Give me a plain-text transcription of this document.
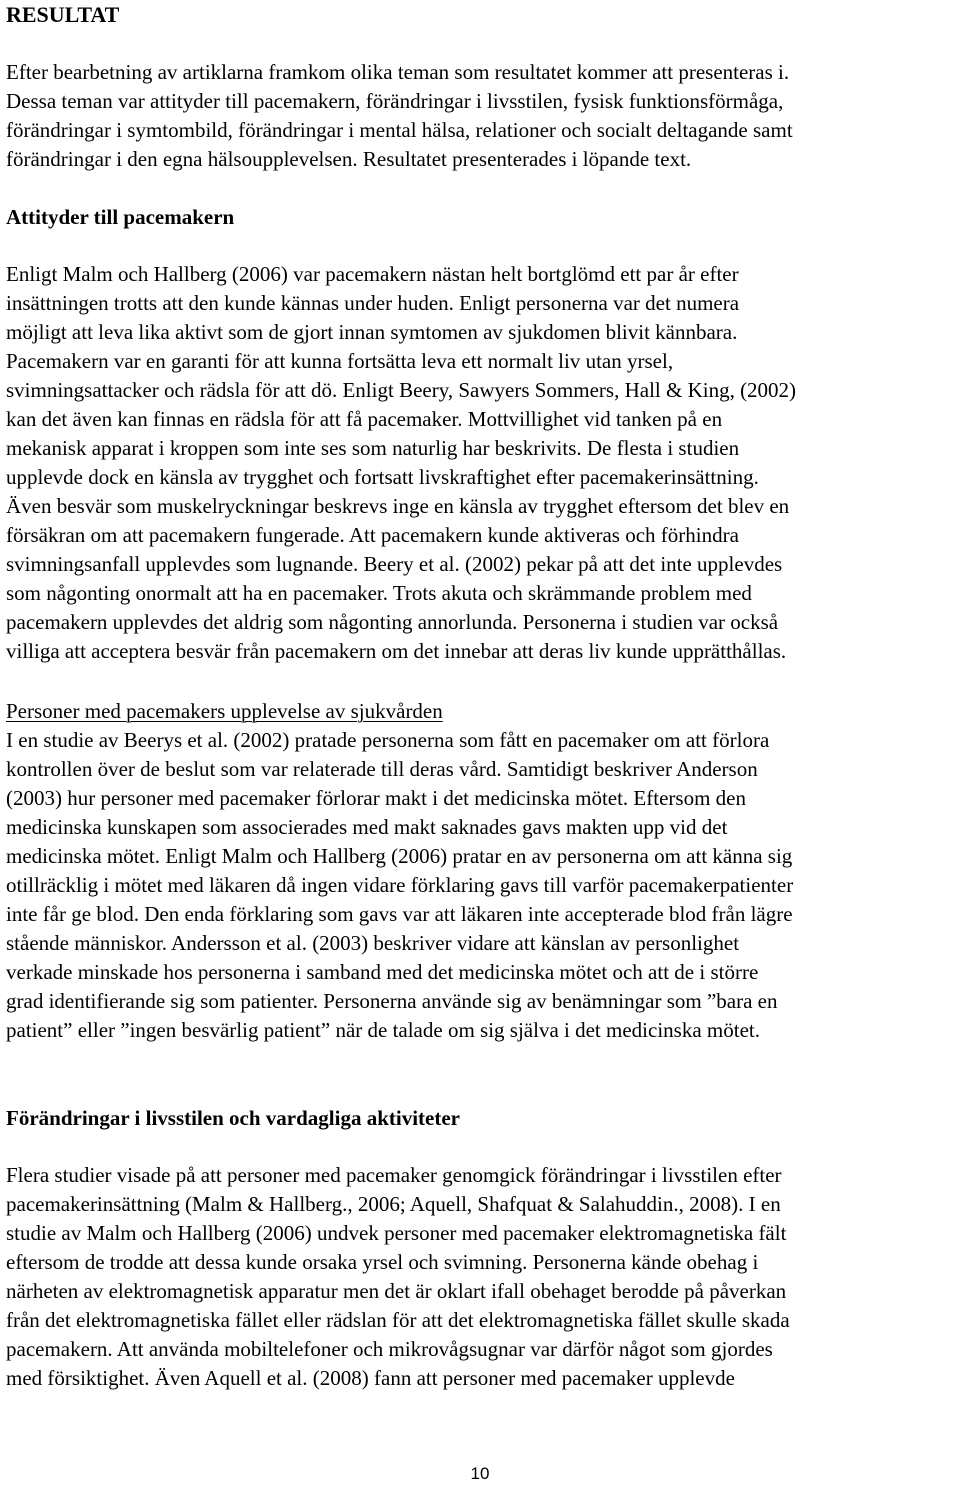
RESULTAT
Efter bearbetning av artiklarna framkom olika teman som resultatet kommer att presenteras i.
Dessa teman var attityder till pacemakern, förändringar i livsstilen, fysisk funktionsförmåga,
förändringar i symtombild, förändringar i mental hälsa, relationer och socialt deltagande samt
förändringar i den egna hälsoupplevelsen. Resultatet presenterades i löpande text.
Attityder till pacemakern
Enligt Malm och Hallberg (2006) var pacemakern nästan helt bortglömd ett par år efter
insättningen trotts att den kunde kännas under huden. Enligt personerna var det numera
möjligt att leva lika aktivt som de gjort innan symtomen av sjukdomen blivit kännbara.
Pacemakern var en garanti för att kunna fortsätta leva ett normalt liv utan yrsel,
svimningsattacker och rädsla för att dö. Enligt Beery, Sawyers Sommers, Hall & King, (2002)
kan det även kan finnas en rädsla för att få pacemaker. Mottvillighet vid tanken på en
mekanisk apparat i kroppen som inte ses som naturlig har beskrivits. De flesta i studien
upplevde dock en känsla av trygghet och fortsatt livskraftighet efter pacemakerinsättning.
Även besvär som muskelryckningar beskrevs inge en känsla av trygghet eftersom det blev en
försäkran om att pacemakern fungerade. Att pacemakern kunde aktiveras och förhindra
svimningsanfall upplevdes som lugnande. Beery et al. (2002) pekar på att det inte upplevdes
som någonting onormalt att ha en pacemaker. Trots akuta och skrämmande problem med
pacemakern upplevdes det aldrig som någonting annorlunda. Personerna i studien var också
villiga att acceptera besvär från pacemakern om det innebar att deras liv kunde upprätthållas.
Personer med pacemakers upplevelse av sjukvården
I en studie av Beerys et al. (2002) pratade personerna som fått en pacemaker om att förlora
kontrollen över de beslut som var relaterade till deras vård. Samtidigt beskriver Anderson
(2003) hur personer med pacemaker förlorar makt i det medicinska mötet. Eftersom den
medicinska kunskapen som associerades med makt saknades gavs makten upp vid det
medicinska mötet. Enligt Malm och Hallberg (2006) pratar en av personerna om att känna sig
otillräcklig i mötet med läkaren då ingen vidare förklaring gavs till varför pacemakerpatienter
inte får ge blod. Den enda förklaring som gavs var att läkaren inte accepterade blod från lägre
stående människor. Andersson et al. (2003) beskriver vidare att känslan av personlighet
verkade minskade hos personerna i samband med det medicinska mötet och att de i större
grad identifierande sig som patienter. Personerna använde sig av benämningar som ”bara en
patient” eller ”ingen besvärlig patient” när de talade om sig själva i det medicinska mötet.
Förändringar i livsstilen och vardagliga aktiviteter
Flera studier visade på att personer med pacemaker genomgick förändringar i livsstilen efter
pacemakerinsättning (Malm & Hallberg., 2006; Aquell, Shafquat & Salahuddin., 2008). I en
studie av Malm och Hallberg (2006) undvek personer med pacemaker elektromagnetiska fält
eftersom de trodde att dessa kunde orsaka yrsel och svimning. Personerna kände obehag i
närheten av elektromagnetisk apparatur men det är oklart ifall obehaget berodde på påverkan
från det elektromagnetiska fället eller rädslan för att det elektromagnetiska fället skulle skada
pacemakern. Att använda mobiltelefoner och mikrovågsugnar var därför något som gjordes
med försiktighet. Även Aquell et al. (2008) fann att personer med pacemaker upplevde
10
